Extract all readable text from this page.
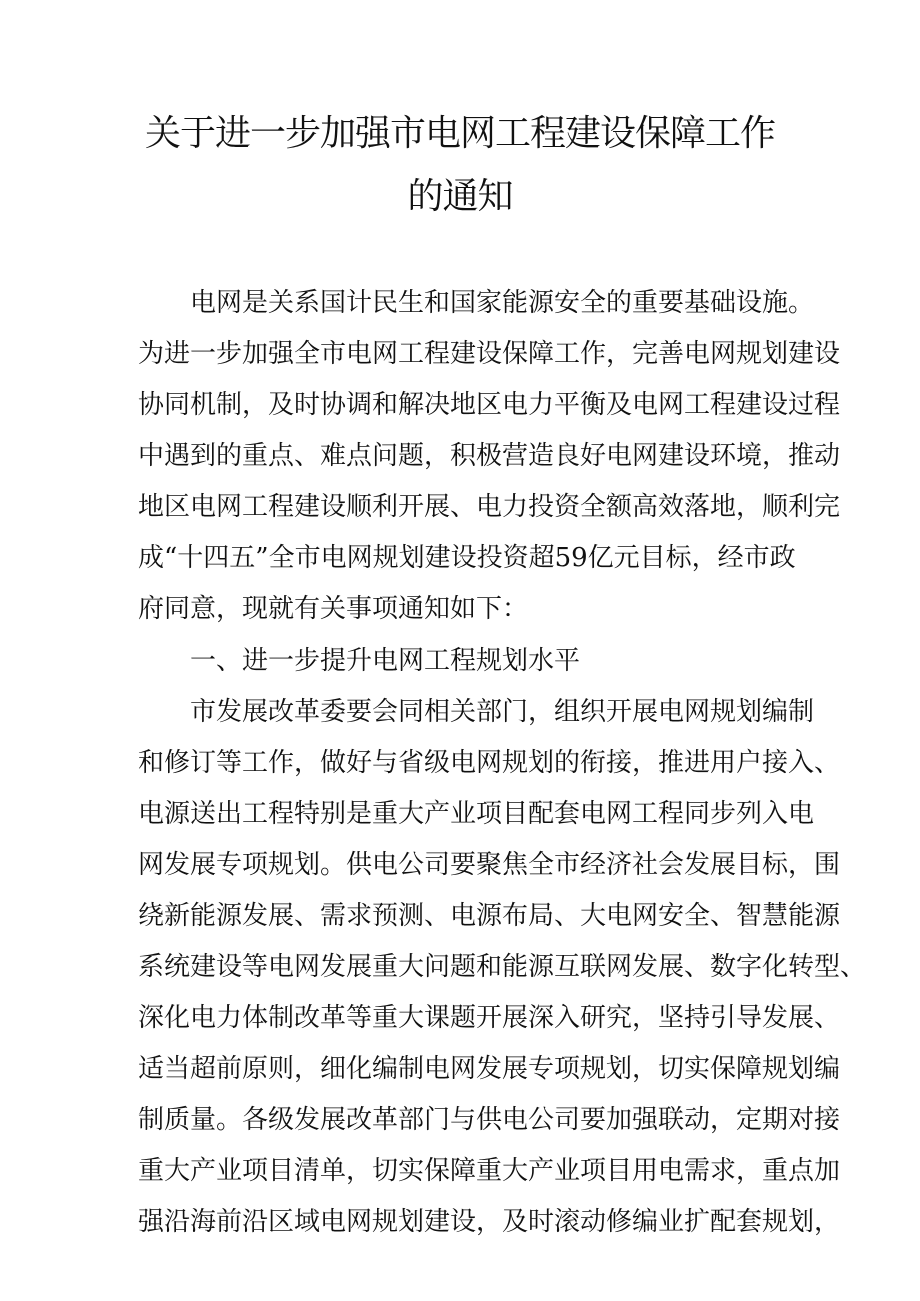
关于进一步加强市电网工程建设保障工作
的通知
电网是关系国计民生和国家能源安全的重要基础设施。
为进一步加强全市电网工程建设保障工作，完善电网规划建设
协同机制，及时协调和解决地区电力平衡及电网工程建设过程
中遇到的重点、难点问题，积极营造良好电网建设环境，推动
地区电网工程建设顺利开展、电力投资全额高效落地，顺利完
成“十四五”全市电网规划建设投资超59亿元目标，经市政
府同意，现就有关事项通知如下：
一、进一步提升电网工程规划水平
市发展改革委要会同相关部门，组织开展电网规划编制
和修订等工作，做好与省级电网规划的衔接，推进用户接入、
电源送出工程特别是重大产业项目配套电网工程同步列入电
网发展专项规划。供电公司要聚焦全市经济社会发展目标，围
绕新能源发展、需求预测、电源布局、大电网安全、智慧能源
系统建设等电网发展重大问题和能源互联网发展、数字化转型、
深化电力体制改革等重大课题开展深入研究，坚持引导发展、
适当超前原则，细化编制电网发展专项规划，切实保障规划编
制质量。各级发展改革部门与供电公司要加强联动，定期对接
重大产业项目清单，切实保障重大产业项目用电需求，重点加
强沿海前沿区域电网规划建设，及时滚动修编业扩配套规划，
